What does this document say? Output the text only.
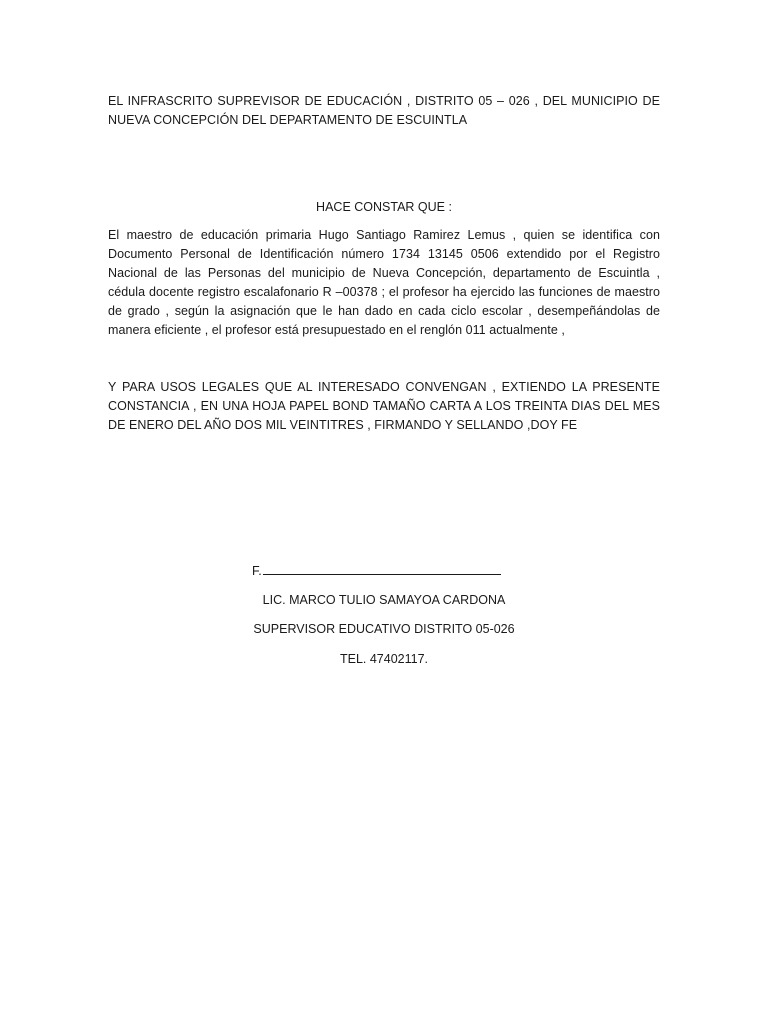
EL INFRASCRITO SUPREVISOR DE EDUCACIÓN , DISTRITO 05 – 026 , DEL MUNICIPIO DE NUEVA CONCEPCIÓN DEL DEPARTAMENTO DE ESCUINTLA
HACE CONSTAR QUE :
El maestro de educación primaria Hugo Santiago Ramirez Lemus , quien se identifica con Documento Personal de Identificación número 1734 13145 0506 extendido por el Registro Nacional de las Personas del municipio de Nueva Concepción, departamento de Escuintla , cédula docente registro escalafonario R –00378 ; el profesor ha ejercido las funciones de maestro de grado , según la asignación que le han dado en cada ciclo escolar , desempeñándolas de manera eficiente , el profesor está presupuestado en el renglón 011 actualmente ,
Y PARA USOS LEGALES QUE AL INTERESADO CONVENGAN , EXTIENDO LA PRESENTE CONSTANCIA , EN UNA HOJA PAPEL BOND TAMAÑO CARTA A LOS TREINTA DIAS DEL MES DE ENERO DEL AÑO DOS MIL VEINTITRES , FIRMANDO Y SELLANDO ,DOY FE
F.
LIC. MARCO TULIO SAMAYOA CARDONA
SUPERVISOR EDUCATIVO DISTRITO 05-026
TEL. 47402117.
